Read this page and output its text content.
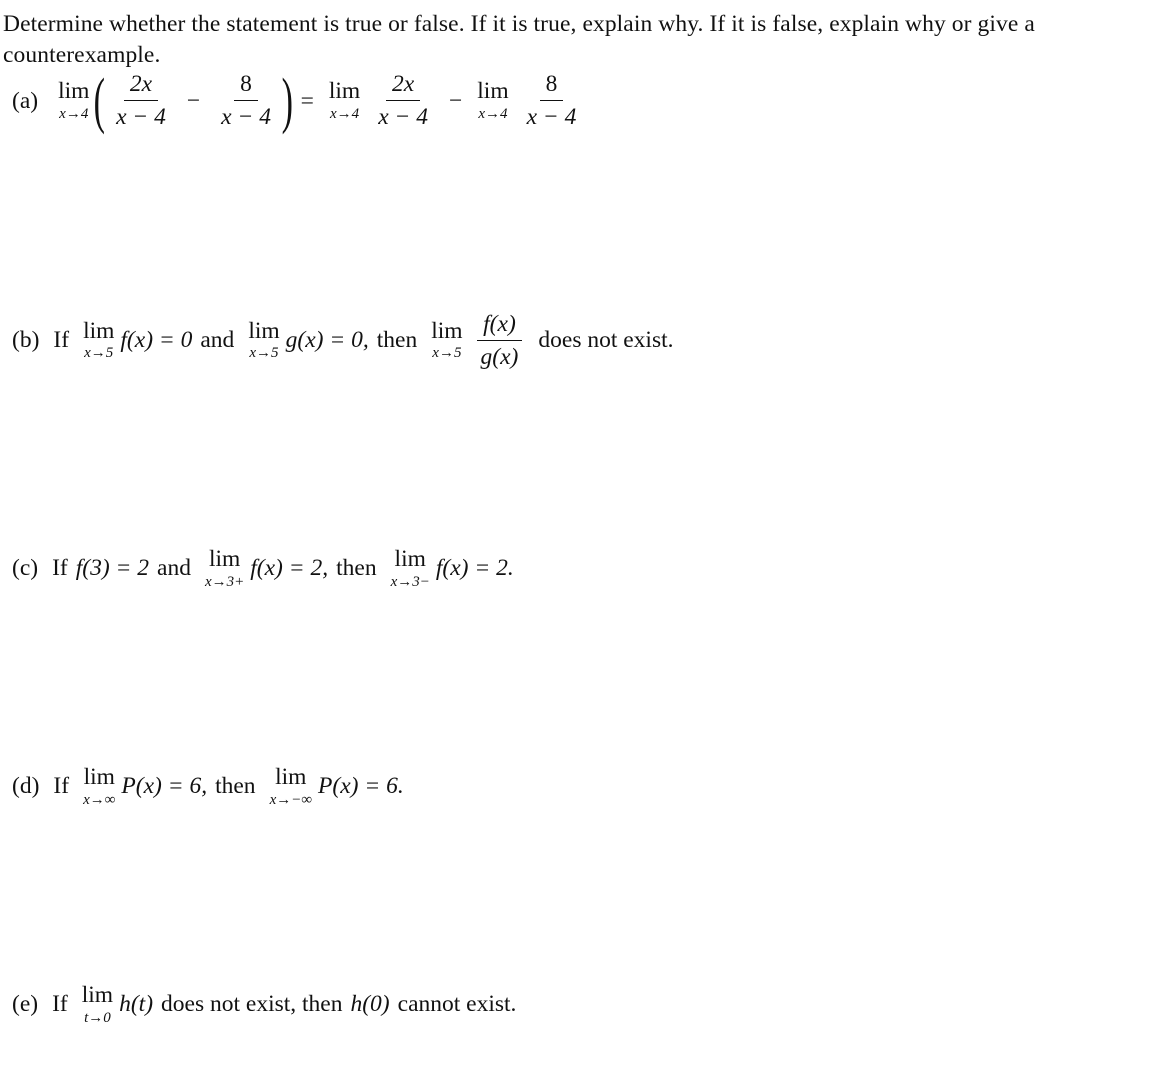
Determine whether the statement is true or false. If it is true, explain why. If it is false, explain why or give a counterexample.
(a) lim
x→4 ( $\frac{2x}{x - 4} - \frac{8}{x - 4}$ ) = lim
$x\to 4 \frac{2x}{x - 4} - \lim$
$x\to 4 \frac{8}{x - 4}$
(b) If lim
x→5
f(x) = 0 and lim
x→5
g(x) = 0, then lim
$x\to 5 \frac{f(x)}{g(x)}$ does not exist.
(c) If f(3) = 2 and lim
x→3+
f(x) = 2, then lim
x→3−
f(x) = 2.
(d) If lim
x→∞
P(x) = 6, then lim
x→−∞
P(x) = 6.
(e) If lim
t→0
h(t) does not exist, then h(0) cannot exist.
